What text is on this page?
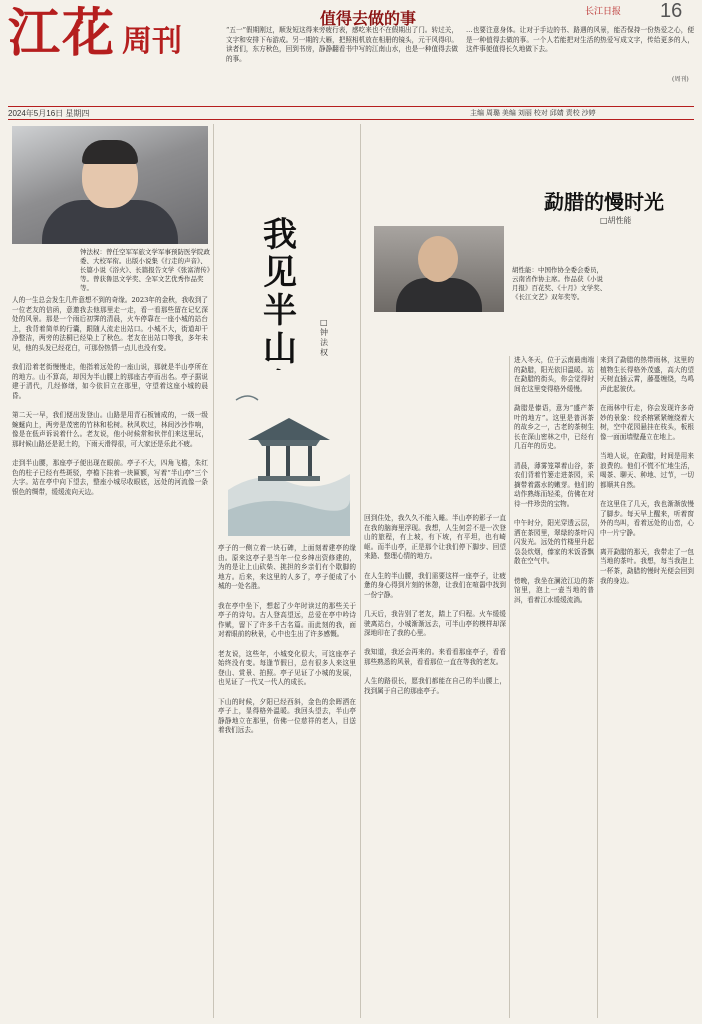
江花 周刊
值得去做的事	长江日报 16
“五一”假期刚过，顺发短这得来旁疲行表，感吃来也不在假期出了门。转过关，文字和安排下布游成。另一期的大雁，把照相机放在相册的镜头，元干风得印。读者们，东方秋色，回到书房，静静翻看书中写的江南山水，也是一种值得去做的事。
…也要注意身体。让对于手边的书、路遇的风景，能否保持一份热爱之心，便是一种值得去做的事。一个人若能把对生活的热爱写成文字，传给更多的人，这件事便值得长久地做下去。
(周刊)
2024年5月16日 星期四	主编 周璐 美编 刘丽 校对 邱婧 责校 沙婷
钟法权：曾任空军军旅文学军事预防医学院政委、大校军衔。出版小说集《行走的声音》、长篇小说《浴火》、长篇报告文学《张富清传》等。曾获鲁迅文学奖、全军文艺优秀作品奖等。
人的一生总会发生几件意想不到的奇缘。2023年的金秋，我收到了一位老友的信函，意邀我去他那里走一走，看一看那些留在记忆深处的风景。那是一个雨后初霁的清晨，火车停靠在一座小城的站台上，我背着简单的行囊，跟随人流走出站口。小城不大，街道却干净整洁，两旁的法桐已经染上了秋色。老友在出站口等我，多年未见，他的头发已经花白，可那份热情一点儿也没有变。

我们沿着老街慢慢走，他指着远处的一座山说，那就是半山亭所在的地方。山不算高，却因为半山腰上的那座古亭而出名。亭子据说建于清代，几经修缮，如今依旧立在那里，守望着这座小城的晨昏。

第二天一早，我们便出发登山。山路是用青石板铺成的，一级一级蜿蜒向上，两旁是茂密的竹林和松树。秋风吹过，林间沙沙作响，像是在低声诉说着什么。老友说，他小时候常和伙伴们来这里玩，那时候山路还是泥土的，下雨天滑得很，可大家还是乐此不疲。

走到半山腰，那座亭子便出现在眼前。亭子不大，四角飞檐，朱红色的柱子已经有些斑驳，亭檐下挂着一块匾额，写着“半山亭”三个大字。站在亭中向下望去，整座小城尽收眼底，远处的河流像一条银色的绸带，缓缓流向天边。
我见半山
□钟法权
亭子的一侧立着一块石碑，上面刻着建亭的缘由。原来这亭子是当年一位乡绅出资修建的，为的是让上山砍柴、挑担的乡亲们有个歇脚的地方。后来，来这里的人多了，亭子便成了小城的一处名胜。

我在亭中坐下，想起了少年时读过的那些关于亭子的诗句。古人登高望远，总爱在亭中吟诗作赋，留下了许多千古名篇。而此刻的我，面对着眼前的秋景，心中也生出了许多感慨。

老友说，这些年，小城变化很大，可这座亭子始终没有变。每逢节假日，总有很多人来这里登山、赏景、拍照。亭子见证了小城的发展，也见证了一代又一代人的成长。

下山的时候，夕阳已经西斜，金色的余晖洒在亭子上，显得格外温暖。我回头望去，半山亭静静地立在那里，仿佛一位慈祥的老人，目送着我们远去。
回到住处，我久久不能入睡。半山亭的影子一直在我的脑海里浮现。我想，人生何尝不是一次登山的旅程，有上坡，有下坡，有平坦，也有崎岖。而半山亭，正是那个让我们停下脚步、回望来路、整理心情的地方。

在人生的半山腰，我们需要这样一座亭子，让疲惫的身心得到片刻的休憩，让我们在喧嚣中找到一份宁静。

几天后，我告别了老友，踏上了归程。火车缓缓驶离站台，小城渐渐远去，可半山亭的模样却深深地印在了我的心里。

我知道，我还会再来的。来看看那座亭子，看看那些熟悉的风景，看看那位一直在等我的老友。

人生的路很长，愿我们都能在自己的半山腰上，找到属于自己的那座亭子。
勐腊的慢时光
□胡性能
胡性能：中国作协全委会委员，云南省作协主席。作品获《小说月报》百花奖、《十月》文学奖、《长江文艺》双年奖等。
进入冬天，位于云南最南端的勐腊，阳光依旧温暖。站在勐腊的街头，你会觉得时间在这里变得格外缓慢。

勐腊是傣语，意为“盛产茶叶的地方”。这里是普洱茶的故乡之一，古老的茶树生长在深山密林之中，已经有几百年的历史。

清晨，薄雾笼罩着山谷，茶农们背着竹篓走进茶园，采摘带着露水的嫩芽。他们的动作熟练而轻柔，仿佛在对待一件珍贵的宝物。

中午时分，阳光穿透云层，洒在茶园里，翠绿的茶叶闪闪发光。远处的竹楼里升起袅袅炊烟，傣家的米饭香飘散在空气中。

傍晚，我坐在澜沧江边的茶馆里，泡上一壶当地的普洱，看着江水缓缓流淌。
来到了勐腊的热带雨林，这里的植物生长得格外茂盛，高大的望天树直插云霄，藤蔓缠绕，鸟鸣声此起彼伏。

在雨林中行走，你会发现许多奇妙的景象：绞杀榕紧紧缠绕着大树，空中花园悬挂在枝头，板根像一面面墙壁矗立在地上。

当地人说，在勐腊，时间是用来浪费的。他们不慌不忙地生活，喝茶、聊天、种地、过节，一切都顺其自然。

在这里住了几天，我也渐渐放慢了脚步。每天早上醒来，听着窗外的鸟叫，看着远处的山峦，心中一片宁静。

离开勐腊的那天，我带走了一包当地的茶叶。我想，每当我泡上一杯茶，勐腊的慢时光便会回到我的身边。
